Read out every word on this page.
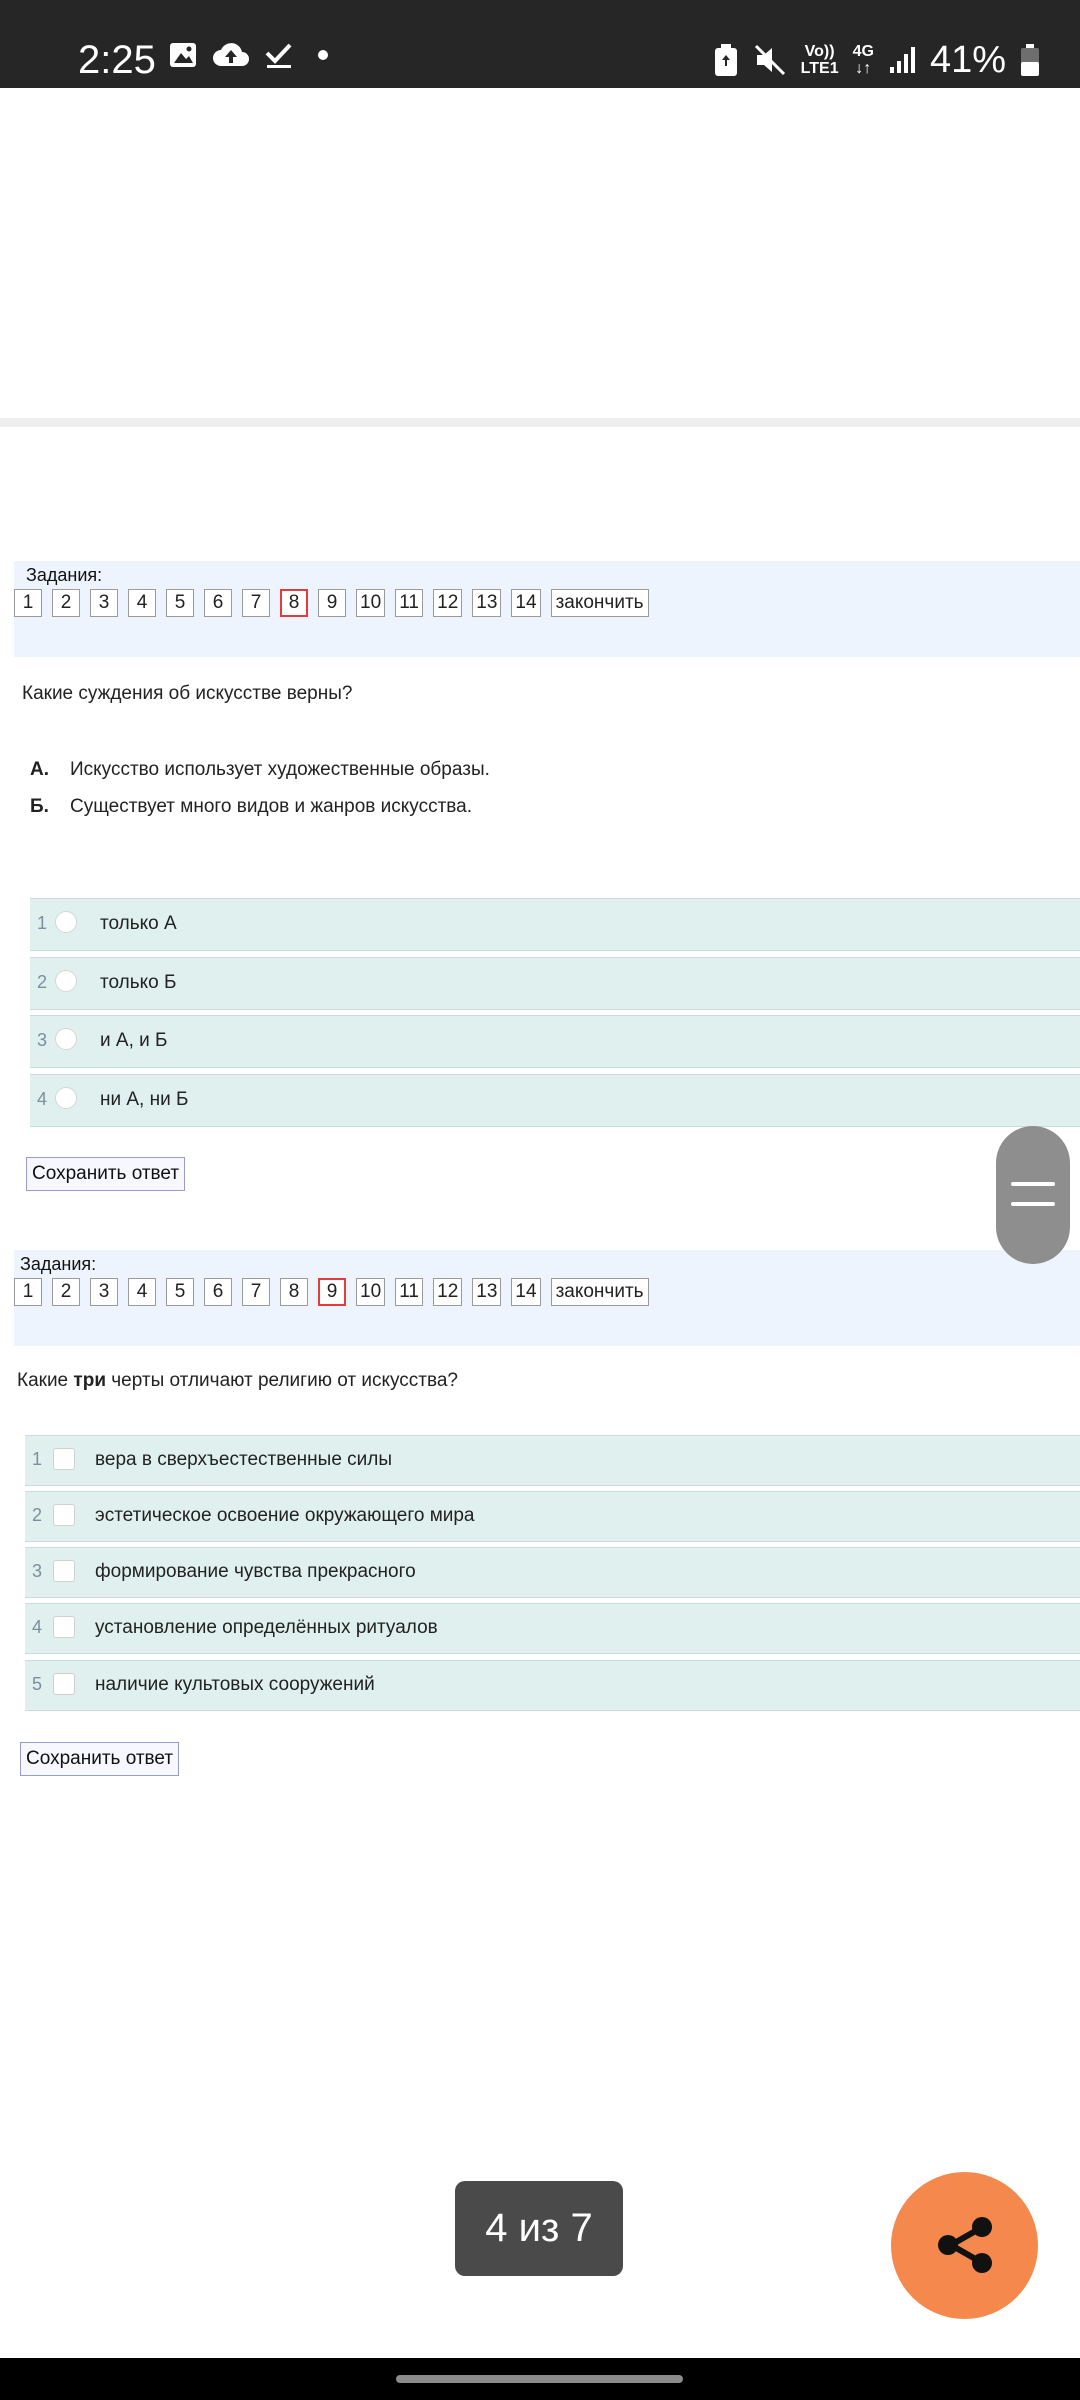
2:25	Vo))
LTE1
4G
↓↑ 41%
Задания:
1	2	3	4	5	6	7	8	9	10 11 12 13 14 закончить
Какие суждения об искусстве верны?
А. Искусство использует художественные образы.
Б. Существует много видов и жанров искусства.
1	только А
2	только Б
3	и А, и Б
4	ни А, ни Б
Сохранить ответ
Задания:
1	2	3	4	5	6	7	8	9	10 11 12 13 14 закончить
Какие три черты отличают религию от искусства?
1	вера в сверхъестественные силы
2	эстетическое освоение окружающего мира
3	формирование чувства прекрасного
4	установление определённых ритуалов
5	наличие культовых сооружений
Сохранить ответ
4 из 7
